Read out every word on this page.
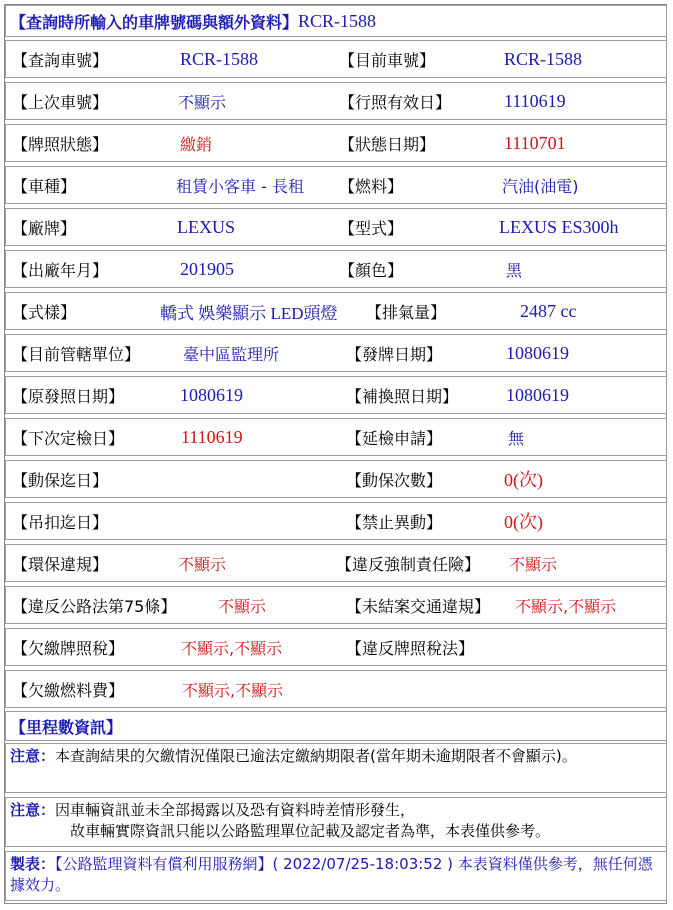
【查詢時所輸入的車牌號碼與額外資料】 RCR-1588
【查詢車號】	RCR-1588	【目前車號】	RCR-1588
【上次車號】	不顯示	【行照有效日】	1110619
【牌照狀態】	繳銷	【狀態日期】	1110701
【車種】	租賃小客車 - 長租 【燃料】	汽油(油電)
【廠牌】	LEXUS	【型式】	LEXUS ES300h
【出廠年月】	201905	【顏色】	黑
【式樣】	轎式 娛樂顯示 LED頭燈 【排氣量】	2487 cc
【目前管轄單位】	臺中區監理所	【發牌日期】	1080619
【原發照日期】	1080619	【補換照日期】	1080619
【下次定檢日】	1110619	【延檢申請】	無
【動保迄日】	【動保次數】	0(次)
【吊扣迄日】	【禁止異動】	0(次)
【環保違規】	不顯示	【違反強制責任險】 不顯示
【違反公路法第75條】	不顯示	【未結案交通違規】 不顯示,不顯示
【欠繳牌照稅】	不顯示,不顯示	【違反牌照稅法】
【欠繳燃料費】	不顯示,不顯示
【里程數資訊】
注意：本查詢結果的欠繳情況僅限已逾法定繳納期限者(當年期未逾期限者不會顯示)。
注意：因車輛資訊並未全部揭露以及恐有資料時差情形發生，
故車輛實際資訊只能以公路監理單位記載及認定者為準，本表僅供參考。
製表：【公路監理資料有償利用服務網】( 2022/07/25-18:03:52 ) 本表資料僅供參考，無任何憑據效力。
